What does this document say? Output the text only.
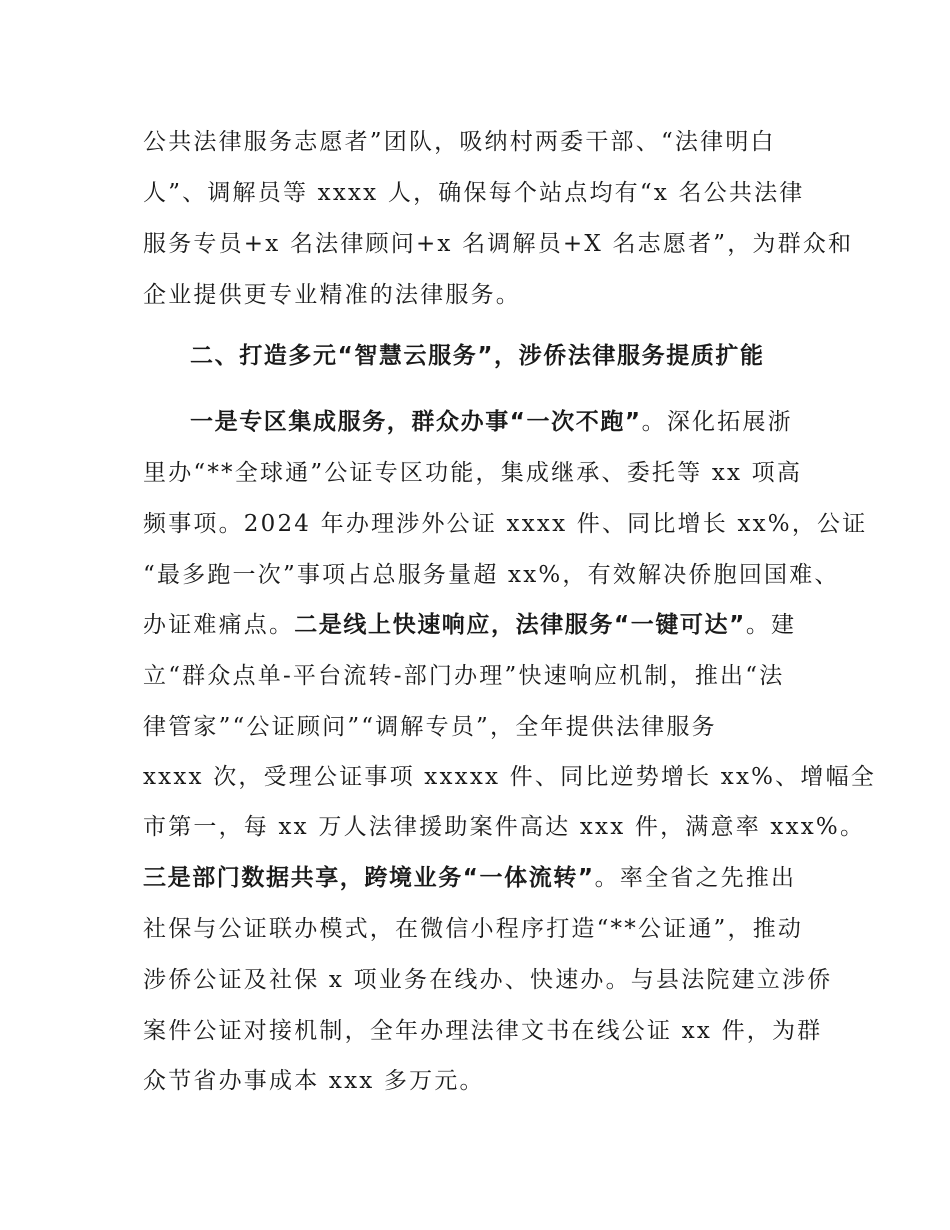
公共法律服务志愿者”团队，吸纳村两委干部、“法律明白
人”、调解员等 xxxx 人，确保每个站点均有“x 名公共法律
服务专员+x 名法律顾问+x 名调解员+X 名志愿者”，为群众和
企业提供更专业精准的法律服务。
二、打造多元“智慧云服务”，涉侨法律服务提质扩能
一是专区集成服务，群众办事“一次不跑”。深化拓展浙
里办“**全球通”公证专区功能，集成继承、委托等 xx 项高
频事项。2024 年办理涉外公证 xxxx 件、同比增长 xx%，公证
“最多跑一次”事项占总服务量超 xx%，有效解决侨胞回国难、
办证难痛点。二是线上快速响应，法律服务“一键可达”。建
立“群众点单-平台流转-部门办理”快速响应机制，推出“法
律管家”“公证顾问”“调解专员”，全年提供法律服务
xxxx 次，受理公证事项 xxxxx 件、同比逆势增长 xx%、增幅全
市第一，每 xx 万人法律援助案件高达 xxx 件，满意率 xxx%。
三是部门数据共享，跨境业务“一体流转”。率全省之先推出
社保与公证联办模式，在微信小程序打造“**公证通”，推动
涉侨公证及社保 x 项业务在线办、快速办。与县法院建立涉侨
案件公证对接机制，全年办理法律文书在线公证 xx 件，为群
众节省办事成本 xxx 多万元。
